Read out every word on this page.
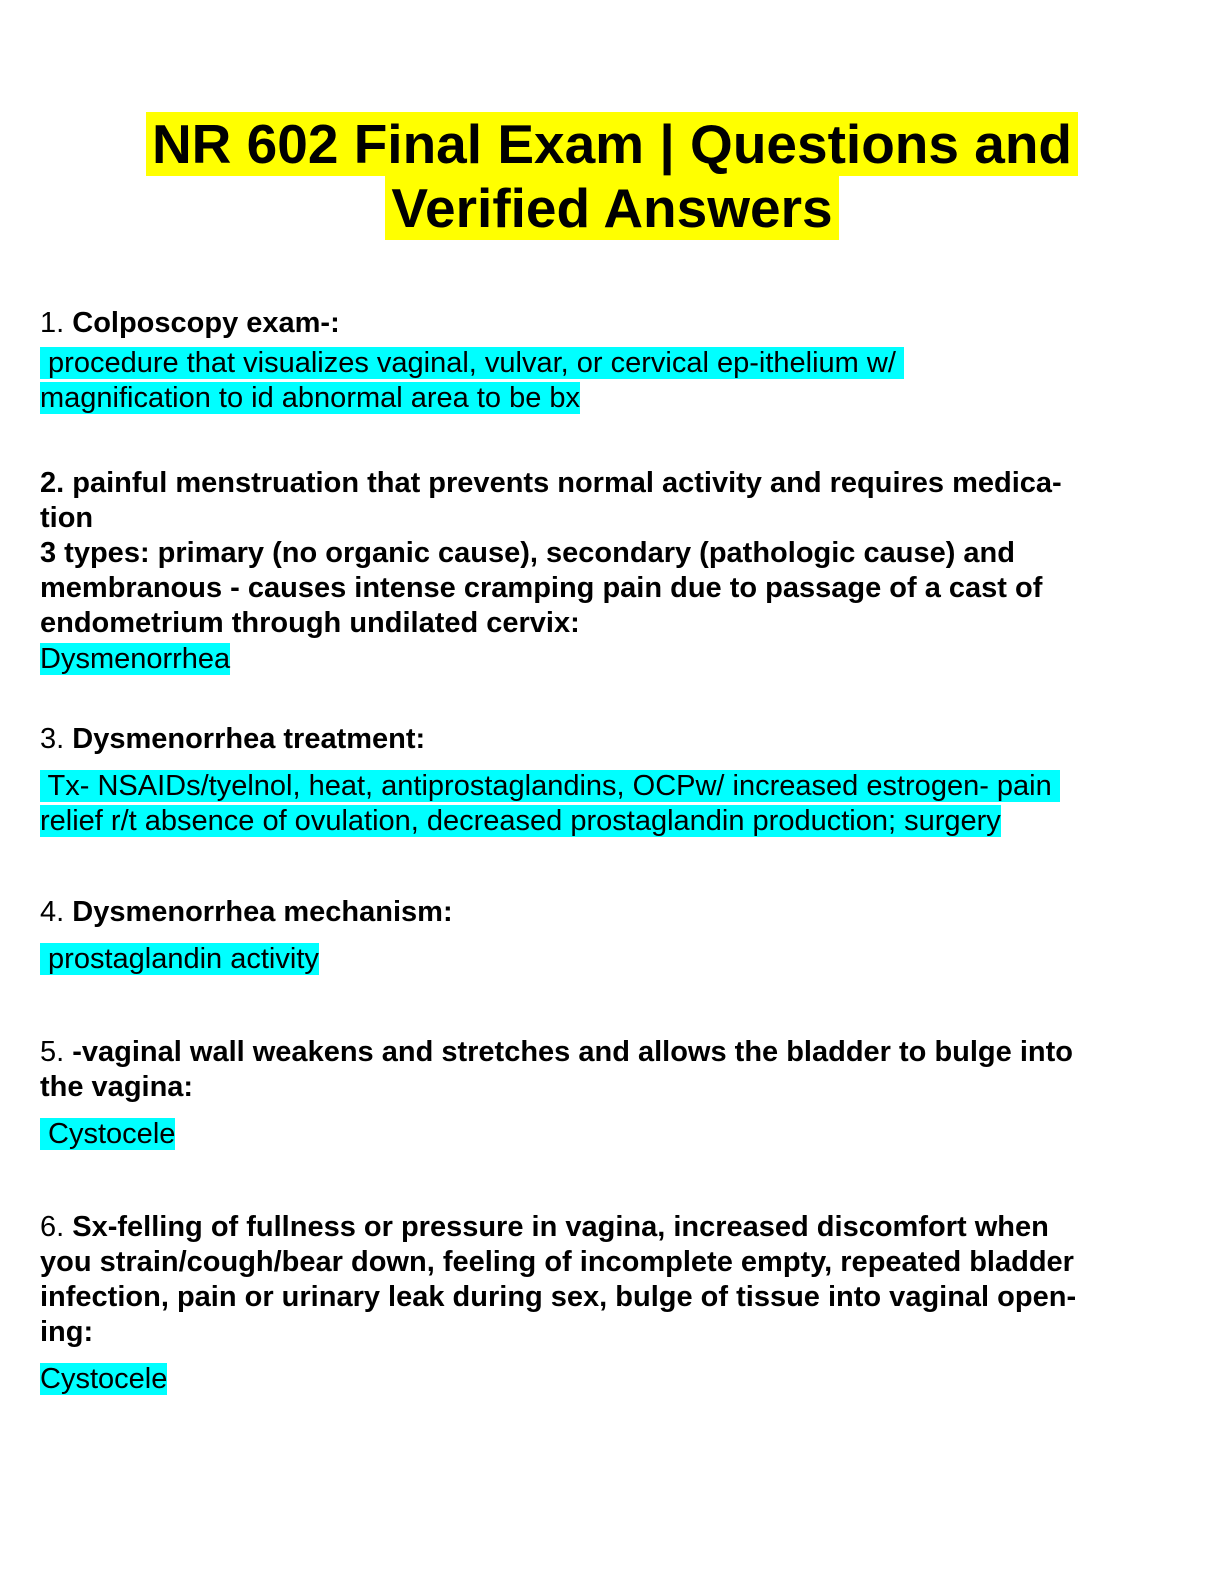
NR 602 Final Exam | Questions and
Verified Answers
1. Colposcopy exam-:
procedure that visualizes vaginal, vulvar, or cervical ep-ithelium w/
magnification to id abnormal area to be bx
2. painful menstruation that prevents normal activity and requires medica-
tion
3 types: primary (no organic cause), secondary (pathologic cause) and
membranous - causes intense cramping pain due to passage of a cast of
endometrium through undilated cervix:
Dysmenorrhea
3. Dysmenorrhea treatment:
Tx- NSAIDs/tyelnol, heat, antiprostaglandins, OCPw/ increased estrogen- pain
relief r/t absence of ovulation, decreased prostaglandin production; surgery
4. Dysmenorrhea mechanism:
prostaglandin activity
5. -vaginal wall weakens and stretches and allows the bladder to bulge into
the vagina:
Cystocele
6. Sx-felling of fullness or pressure in vagina, increased discomfort when
you strain/cough/bear down, feeling of incomplete empty, repeated bladder
infection, pain or urinary leak during sex, bulge of tissue into vaginal open-
ing:
Cystocele
